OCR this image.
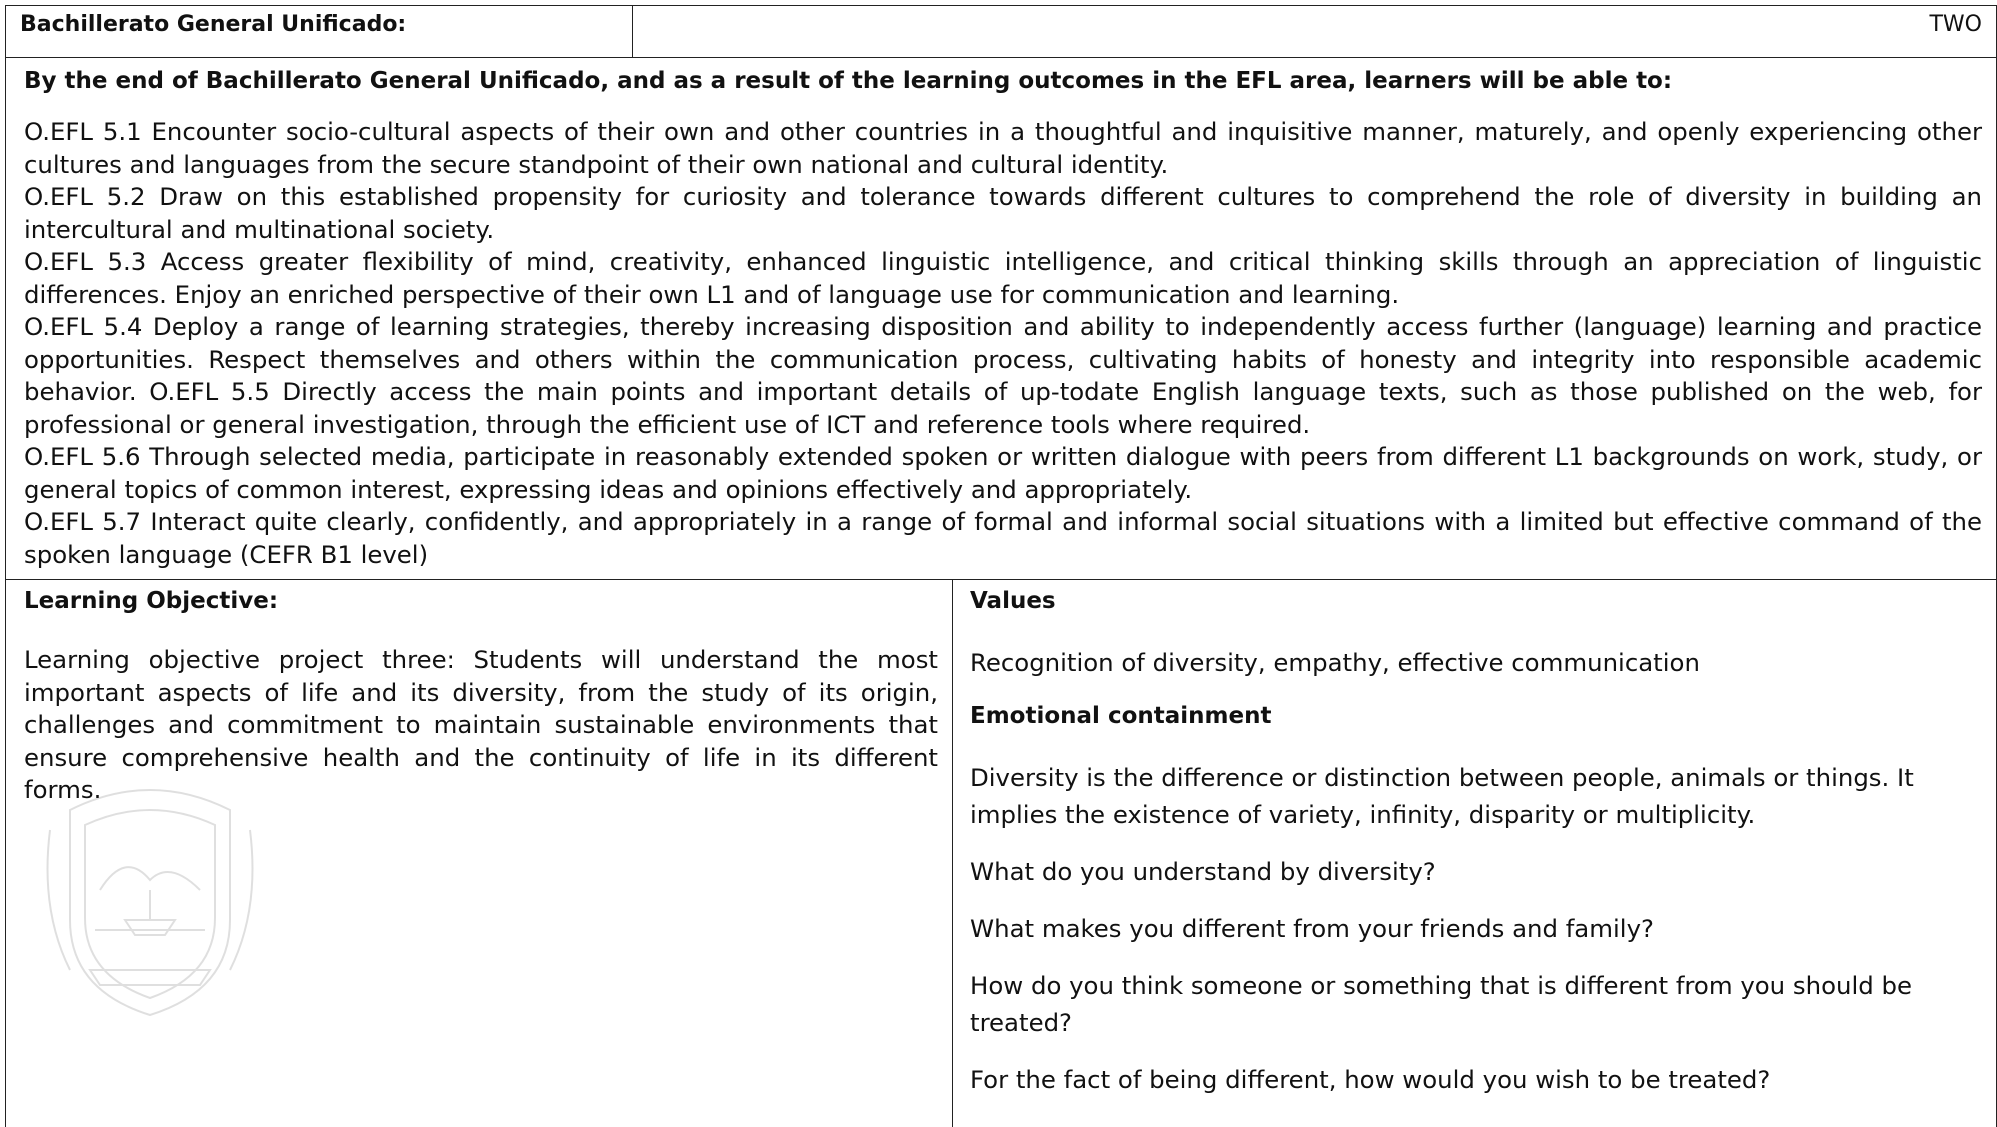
Bachillerato General Unificado:	TWO
By the end of Bachillerato General Unificado, and as a result of the learning outcomes in the EFL area, learners will be able to:

O.EFL 5.1 Encounter socio-cultural aspects of their own and other countries in a thoughtful and inquisitive manner, maturely, and openly experiencing other cultures and languages from the secure standpoint of their own national and cultural identity.

O.EFL 5.2 Draw on this established propensity for curiosity and tolerance towards different cultures to comprehend the role of diversity in building an intercultural and multinational society.

O.EFL 5.3 Access greater flexibility of mind, creativity, enhanced linguistic intelligence, and critical thinking skills through an appreciation of linguistic differences. Enjoy an enriched perspective of their own L1 and of language use for communication and learning.

O.EFL 5.4 Deploy a range of learning strategies, thereby increasing disposition and ability to independently access further (language) learning and practice opportunities. Respect themselves and others within the communication process, cultivating habits of honesty and integrity into responsible academic behavior. O.EFL 5.5 Directly access the main points and important details of up-todate English language texts, such as those published on the web, for professional or general investigation, through the efficient use of ICT and reference tools where required.

O.EFL 5.6 Through selected media, participate in reasonably extended spoken or written dialogue with peers from different L1 backgrounds on work, study, or general topics of common interest, expressing ideas and opinions effectively and appropriately.

O.EFL 5.7 Interact quite clearly, confidently, and appropriately in a range of formal and informal social situations with a limited but effective command of the spoken language (CEFR B1 level)

Learning Objective:

Learning objective project three: Students will understand the most important aspects of life and its diversity, from the study of its origin, challenges and commitment to maintain sustainable environments that ensure comprehensive health and the continuity of life in its different forms.

Values

Recognition of diversity, empathy, effective communication

Emotional containment

Diversity is the difference or distinction between people, animals or things. It implies the existence of variety, infinity, disparity or multiplicity.

What do you understand by diversity?

What makes you different from your friends and family?

How do you think someone or something that is different from you should be treated?

For the fact of being different, how would you wish to be treated?
